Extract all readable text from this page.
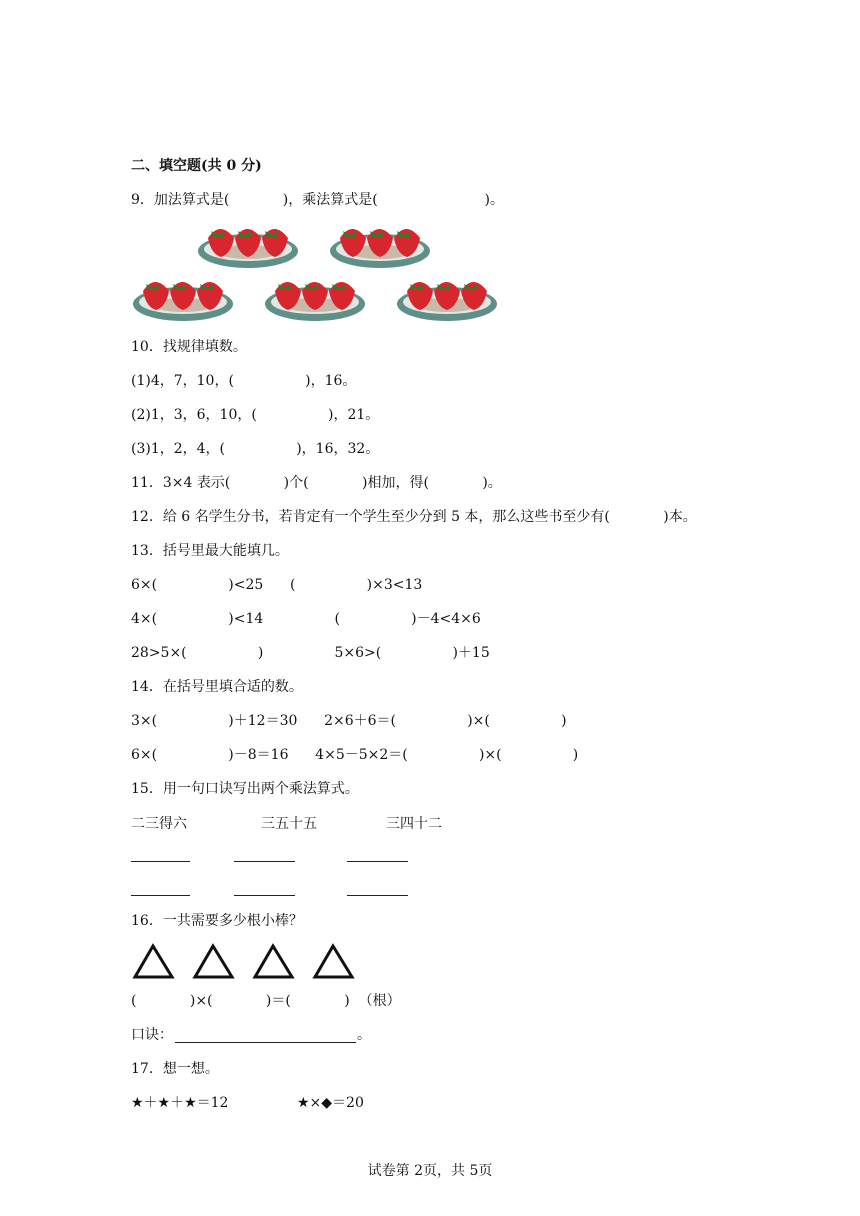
二、填空题(共 0 分)
9．加法算式是(            )，乘法算式是(                        )。
10．找规律填数。
(1)4，7，10，(                )，16。
(2)1，3，6，10，(                )，21。
(3)1，2，4，(                )，16，32。
11．3×4 表示(            )个(            )相加，得(            )。
12．给 6 名学生分书，若肯定有一个学生至少分到 5 本，那么这些书至少有(            )本。
13．括号里最大能填几。
6×(                )<25      (                )×3<13
4×(                )<14                (                )－4<4×6
28>5×(                )                5×6>(                )＋15
14．在括号里填合适的数。
3×(                )＋12＝30      2×6＋6＝(                )×(                )
6×(                )－8＝16      4×5－5×2＝(                )×(                )
15．用一句口诀写出两个乘法算式。
二三得六	三五十五	三四十二
16．一共需要多少根小棒？
(            )×(            )＝(            )  （根）
口诀：	。
17．想一想。
★＋★＋★＝12	★×◆＝20
试卷第 2页，共 5页
